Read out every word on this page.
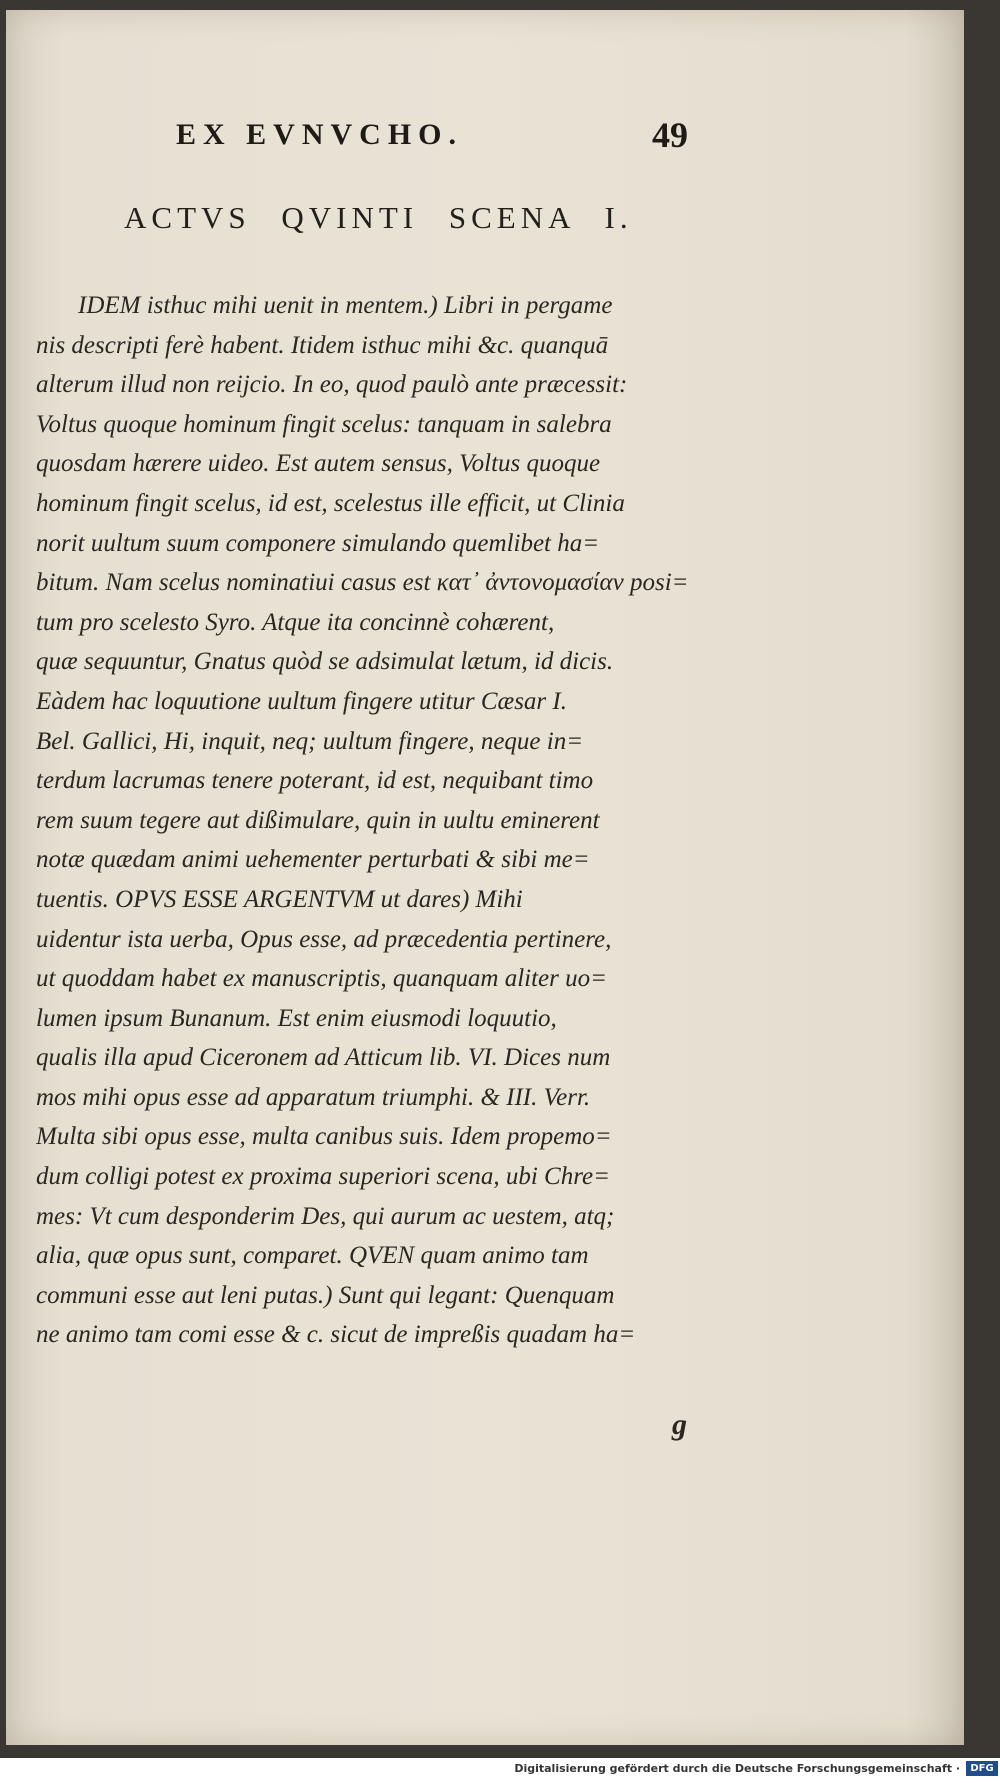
EX EVNVCHO.	49
ACTVS QVINTI SCENA I.
IDEM isthuc mihi uenit in mentem.) Libri in pergame
nis descripti ferè habent. Itidem isthuc mihi &c. quanquā
alterum illud non reijcio. In eo, quod paulò ante præcessit:
Voltus quoque hominum fingit scelus: tanquam in salebra
quosdam hærere uideo. Est autem sensus, Voltus quoque
hominum fingit scelus, id est, scelestus ille efficit, ut Clinia
norit uultum suum componere simulando quemlibet ha=
bitum. Nam scelus nominatiui casus est κατ᾽ ἀντονομασίαν posi=
tum pro scelesto Syro. Atque ita concinnè cohærent,
quæ sequuntur, Gnatus quòd se adsimulat lætum, id dicis.
Eàdem hac loquutione uultum fingere utitur Cæsar I.
Bel. Gallici, Hi, inquit, neq; uultum fingere, neque in=
terdum lacrumas tenere poterant, id est, nequibant timo
rem suum tegere aut dißimulare, quin in uultu eminerent
notæ quædam animi uehementer perturbati & sibi me=
tuentis. OPVS ESSE ARGENTVM ut dares) Mihi
uidentur ista uerba, Opus esse, ad præcedentia pertinere,
ut quoddam habet ex manuscriptis, quanquam aliter uo=
lumen ipsum Bunanum. Est enim eiusmodi loquutio,
qualis illa apud Ciceronem ad Atticum lib. VI. Dices num
mos mihi opus esse ad apparatum triumphi. & III. Verr.
Multa sibi opus esse, multa canibus suis. Idem propemo=
dum colligi potest ex proxima superiori scena, ubi Chre=
mes: Vt cum desponderim Des, qui aurum ac uestem, atq;
alia, quæ opus sunt, comparet. QVEN quam animo tam
communi esse aut leni putas.) Sunt qui legant: Quenquam
ne animo tam comi esse & c. sicut de impreßis quadam ha=
g
Digitalisierung gefördert durch die Deutsche Forschungsgemeinschaft ·	DFG
